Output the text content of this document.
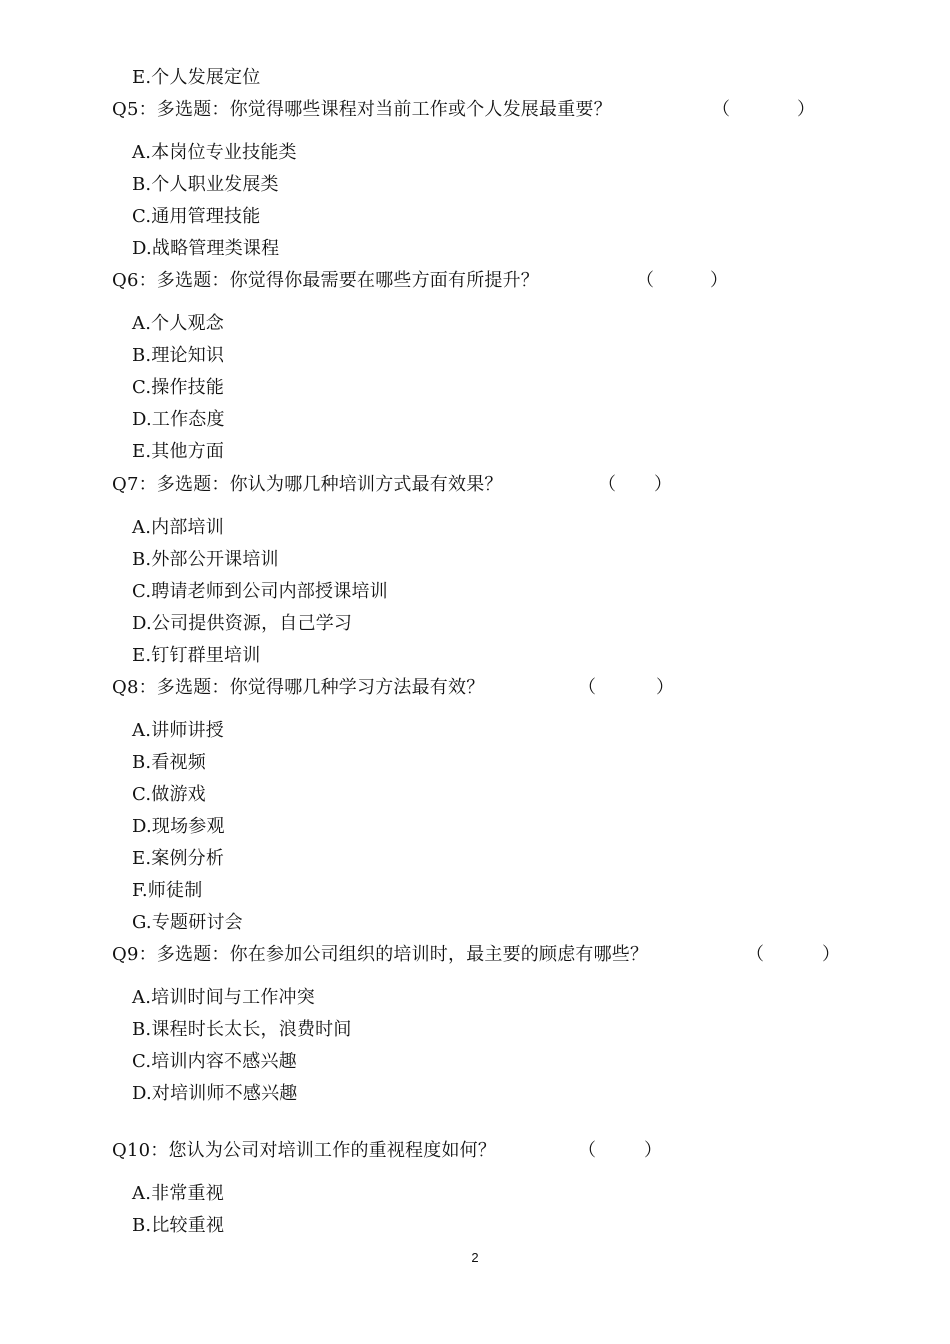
E.个人发展定位
Q5：多选题：你觉得哪些课程对当前工作或个人发展最重要？	（	）
A.本岗位专业技能类
B.个人职业发展类
C.通用管理技能
D.战略管理类课程
Q6：多选题：你觉得你最需要在哪些方面有所提升？	（	）
A.个人观念
B.理论知识
C.操作技能
D.工作态度
E.其他方面
Q7：多选题：你认为哪几种培训方式最有效果？	（ ）
A.内部培训
B.外部公开课培训
C.聘请老师到公司内部授课培训
D.公司提供资源，自己学习
E.钉钉群里培训
Q8：多选题：你觉得哪几种学习方法最有效？	（	）
A.讲师讲授
B.看视频
C.做游戏
D.现场参观
E.案例分析
F.师徒制
G.专题研讨会
Q9：多选题：你在参加公司组织的培训时，最主要的顾虑有哪些？	（	）
A.培训时间与工作冲突
B.课程时长太长，浪费时间
C.培训内容不感兴趣
D.对培训师不感兴趣
Q10：您认为公司对培训工作的重视程度如何？	（	）
A.非常重视
B.比较重视
2
